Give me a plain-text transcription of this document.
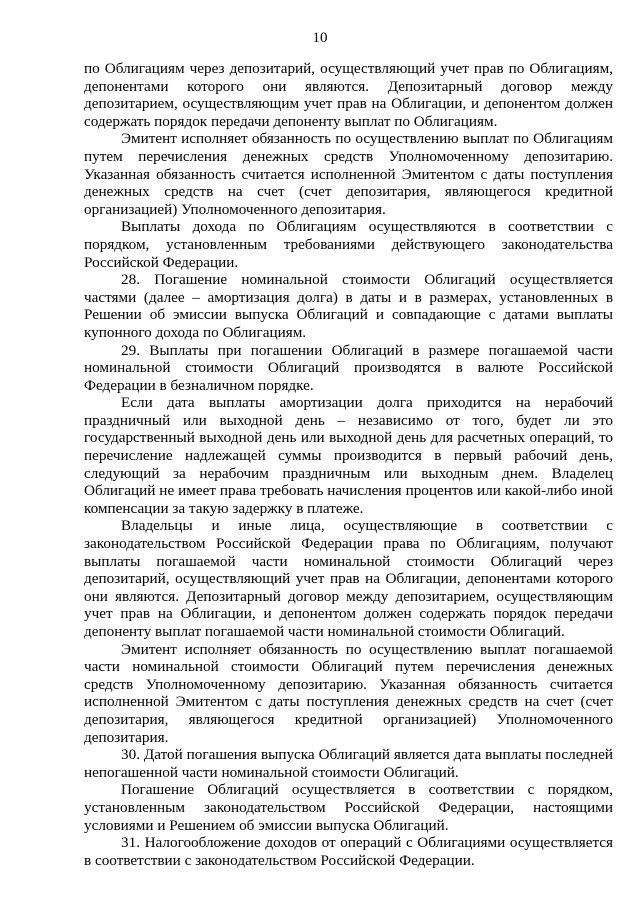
10

по Облигациям через депозитарий, осуществляющий учет прав по Облигациям, депонентами которого они являются. Депозитарный договор между депозитарием, осуществляющим учет прав на Облигации, и депонентом должен содержать порядок передачи депоненту выплат по Облигациям.

Эмитент исполняет обязанность по осуществлению выплат по Облигациям путем перечисления денежных средств Уполномоченному депозитарию. Указанная обязанность считается исполненной Эмитентом с даты поступления денежных средств на счет (счет депозитария, являющегося кредитной организацией) Уполномоченного депозитария.

Выплаты дохода по Облигациям осуществляются в соответствии с порядком, установленным требованиями действующего законодательства Российской Федерации.

28. Погашение номинальной стоимости Облигаций осуществляется частями (далее – амортизация долга) в даты и в размерах, установленных в Решении об эмиссии выпуска Облигаций и совпадающие с датами выплаты купонного дохода по Облигациям.

29. Выплаты при погашении Облигаций в размере погашаемой части номинальной стоимости Облигаций производятся в валюте Российской Федерации в безналичном порядке.

Если дата выплаты амортизации долга приходится на нерабочий праздничный или выходной день – независимо от того, будет ли это государственный выходной день или выходной день для расчетных операций, то перечисление надлежащей суммы производится в первый рабочий день, следующий за нерабочим праздничным или выходным днем. Владелец Облигаций не имеет права требовать начисления процентов или какой-либо иной компенсации за такую задержку в платеже.

Владельцы и иные лица, осуществляющие в соответствии с законодательством Российской Федерации права по Облигациям, получают выплаты погашаемой части номинальной стоимости Облигаций через депозитарий, осуществляющий учет прав на Облигации, депонентами которого они являются. Депозитарный договор между депозитарием, осуществляющим учет прав на Облигации, и депонентом должен содержать порядок передачи депоненту выплат погашаемой части номинальной стоимости Облигаций.

Эмитент исполняет обязанность по осуществлению выплат погашаемой части номинальной стоимости Облигаций путем перечисления денежных средств Уполномоченному депозитарию. Указанная обязанность считается исполненной Эмитентом с даты поступления денежных средств на счет (счет депозитария, являющегося кредитной организацией) Уполномоченного депозитария.

30. Датой погашения выпуска Облигаций является дата выплаты последней непогашенной части номинальной стоимости Облигаций.

Погашение Облигаций осуществляется в соответствии с порядком, установленным законодательством Российской Федерации, настоящими условиями и Решением об эмиссии выпуска Облигаций.

31. Налогообложение доходов от операций с Облигациями осуществляется в соответствии с законодательством Российской Федерации.
